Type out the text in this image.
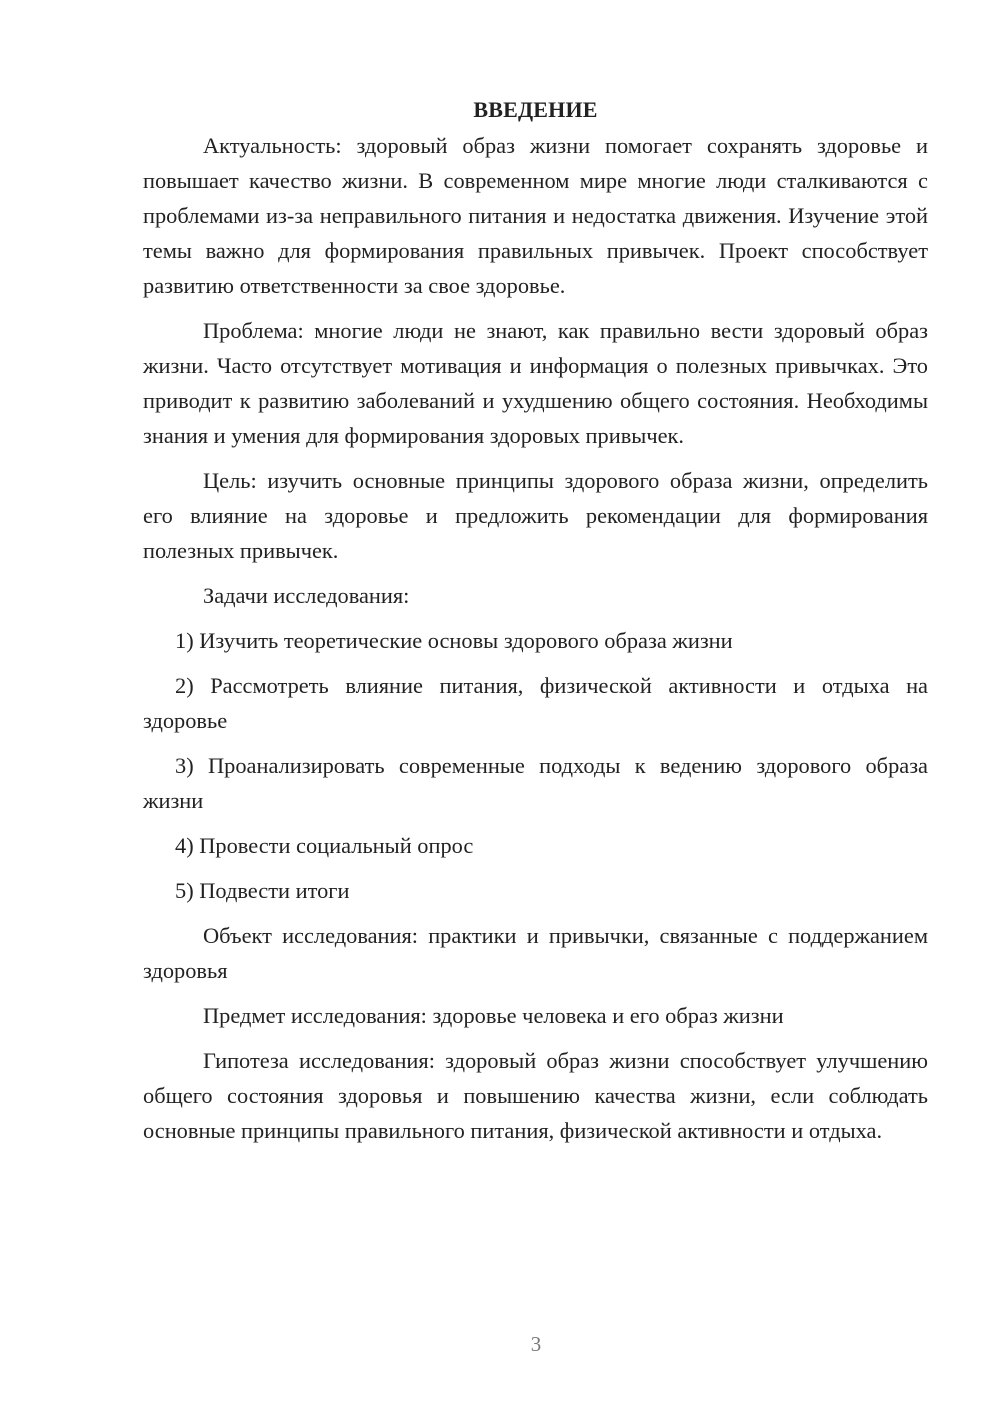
ВВЕДЕНИЕ

Актуальность: здоровый образ жизни помогает сохранять здоровье и повышает качество жизни. В современном мире многие люди сталкиваются с проблемами из-за неправильного питания и недостатка движения. Изучение этой темы важно для формирования правильных привычек. Проект способствует развитию ответственности за свое здоровье.

Проблема: многие люди не знают, как правильно вести здоровый образ жизни. Часто отсутствует мотивация и информация о полезных привычках. Это приводит к развитию заболеваний и ухудшению общего состояния. Необходимы знания и умения для формирования здоровых привычек.

Цель: изучить основные принципы здорового образа жизни, определить его влияние на здоровье и предложить рекомендации для формирования полезных привычек.

Задачи исследования:

1) Изучить теоретические основы здорового образа жизни

2) Рассмотреть влияние питания, физической активности и отдыха на здоровье

3) Проанализировать современные подходы к ведению здорового образа жизни

4) Провести социальный опрос

5) Подвести итоги

Объект исследования: практики и привычки, связанные с поддержанием здоровья

Предмет исследования: здоровье человека и его образ жизни

Гипотеза исследования: здоровый образ жизни способствует улучшению общего состояния здоровья и повышению качества жизни, если соблюдать основные принципы правильного питания, физической активности и отдыха.

3
